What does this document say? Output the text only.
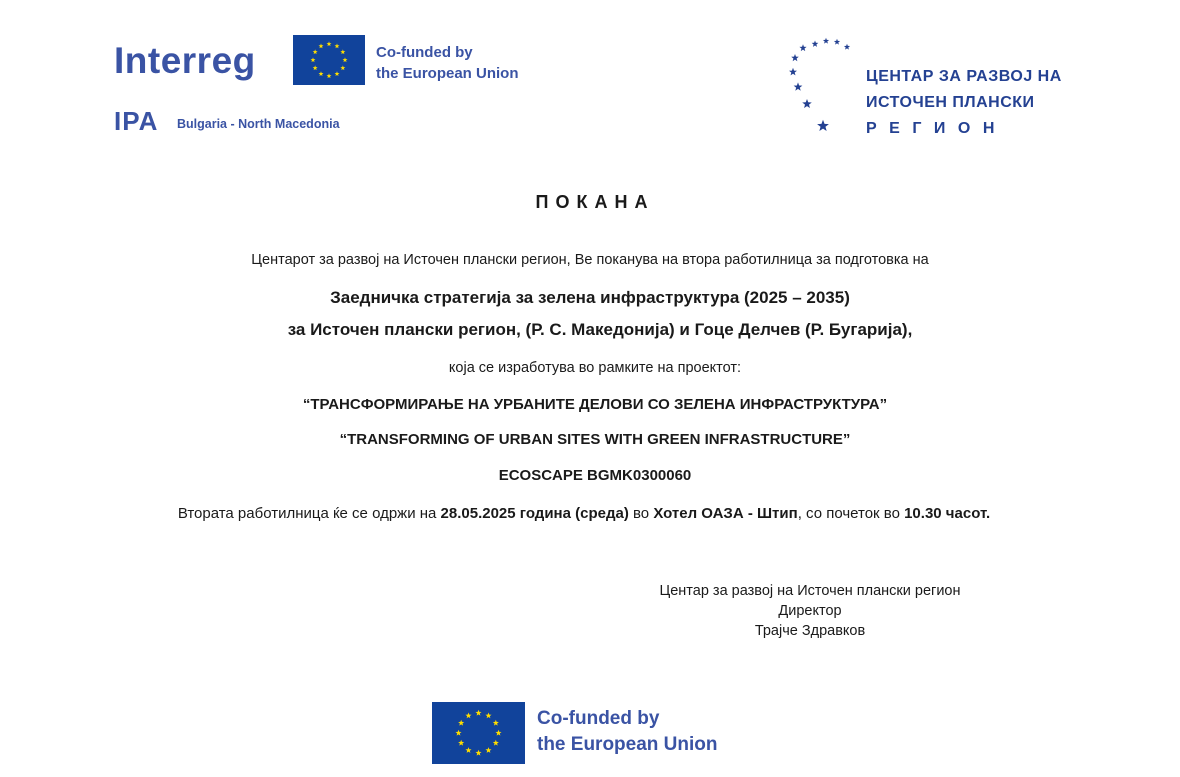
Interreg	Co-funded by
the European Union
IPA Bulgaria - North Macedonia
ЦЕНТАР ЗА РАЗВОЈ НА
ИСТОЧЕН ПЛАНСКИ
РЕГИОН
ПОКАНА
Центарот за развој на Источен плански регион, Ве поканува на втора работилница за подготовка на
Заедничка стратегија за зелена инфраструктура (2025 – 2035)
за Источен плански регион, (Р. С. Македонија) и Гоце Делчев (Р. Бугарија),
која се изработува во рамките на проектот:
“ТРАНСФОРМИРАЊЕ НА УРБАНИТЕ ДЕЛОВИ СО ЗЕЛЕНА ИНФРАСТРУКТУРА”
“TRANSFORMING OF URBAN SITES WITH GREEN INFRASTRUCTURE”
ECOSCAPE BGMK0300060
Втората работилница ќе се одржи на 28.05.2025 година (среда) во Хотел ОАЗА - Штип, со почеток во 10.30 часот.
Центар за развој на Источен плански регион
Директор
Трајче Здравков
Co-funded by
the European Union
